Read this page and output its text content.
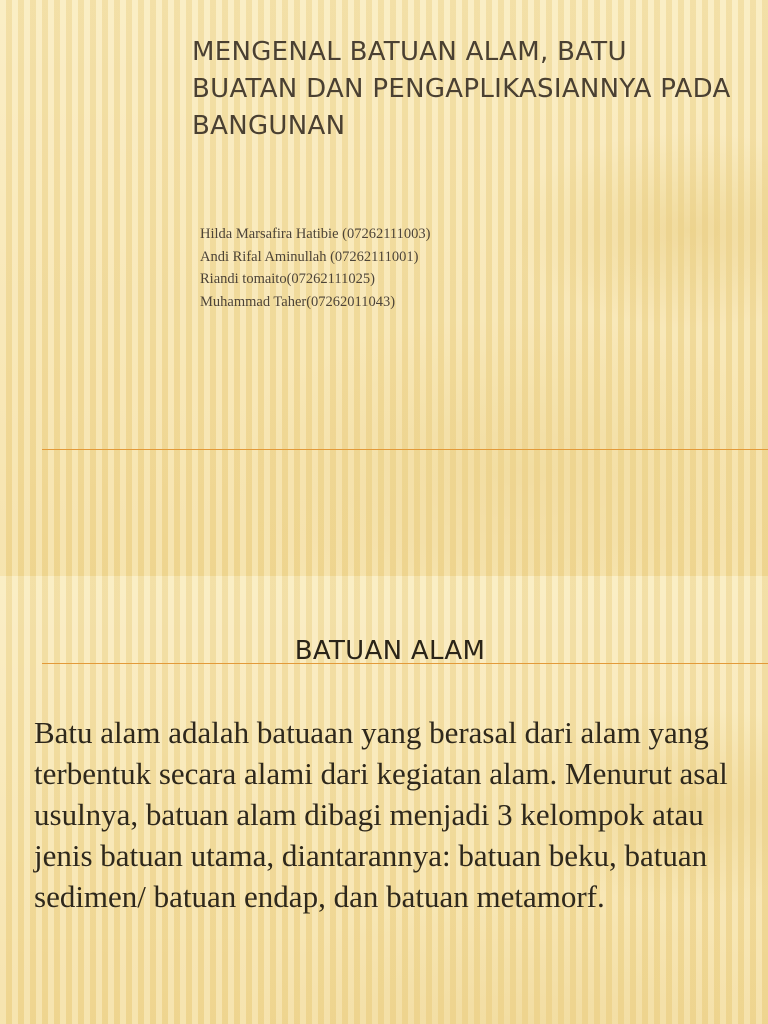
MENGENAL BATUAN ALAM, BATU BUATAN DAN PENGAPLIKASIANNYA PADA BANGUNAN
Hilda Marsafira Hatibie (07262111003)
Andi Rifal Aminullah (07262111001)
Riandi tomaito(07262111025)
Muhammad Taher(07262011043)
BATUAN ALAM

Batu alam adalah batuaan yang berasal dari alam yang terbentuk secara alami dari kegiatan alam. Menurut asal usulnya, batuan alam dibagi menjadi 3 kelompok atau jenis batuan utama, diantarannya: batuan beku, batuan sedimen/ batuan endap, dan batuan metamorf.
